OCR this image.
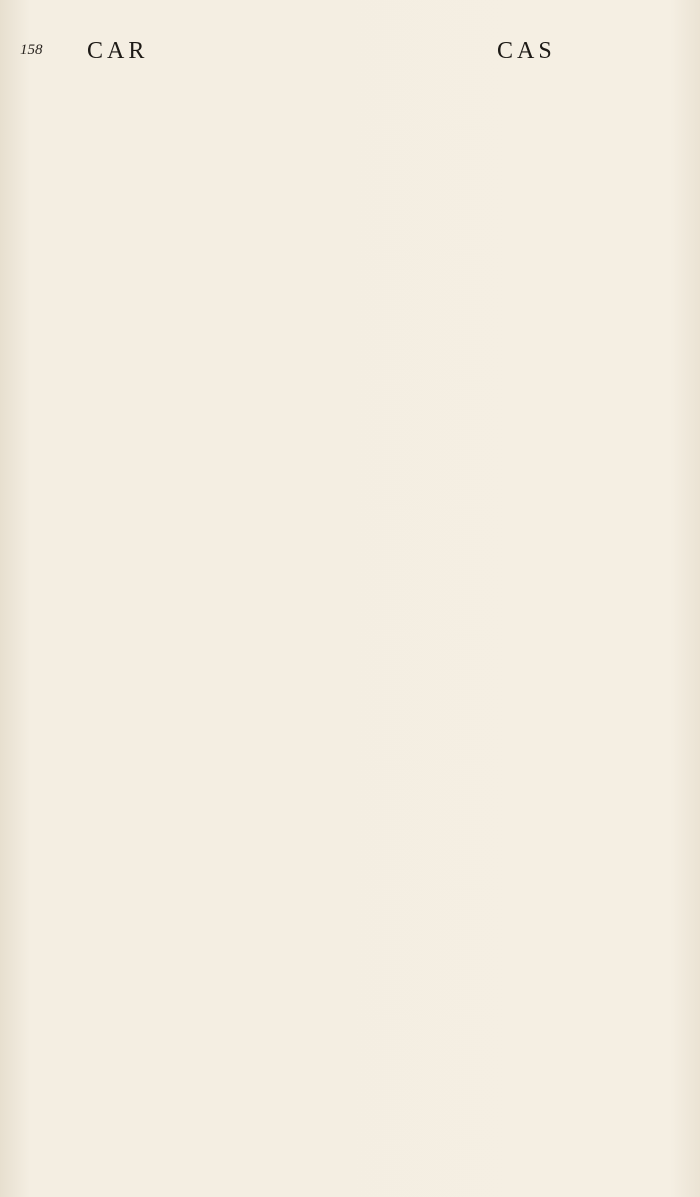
158 CAR	CAS
